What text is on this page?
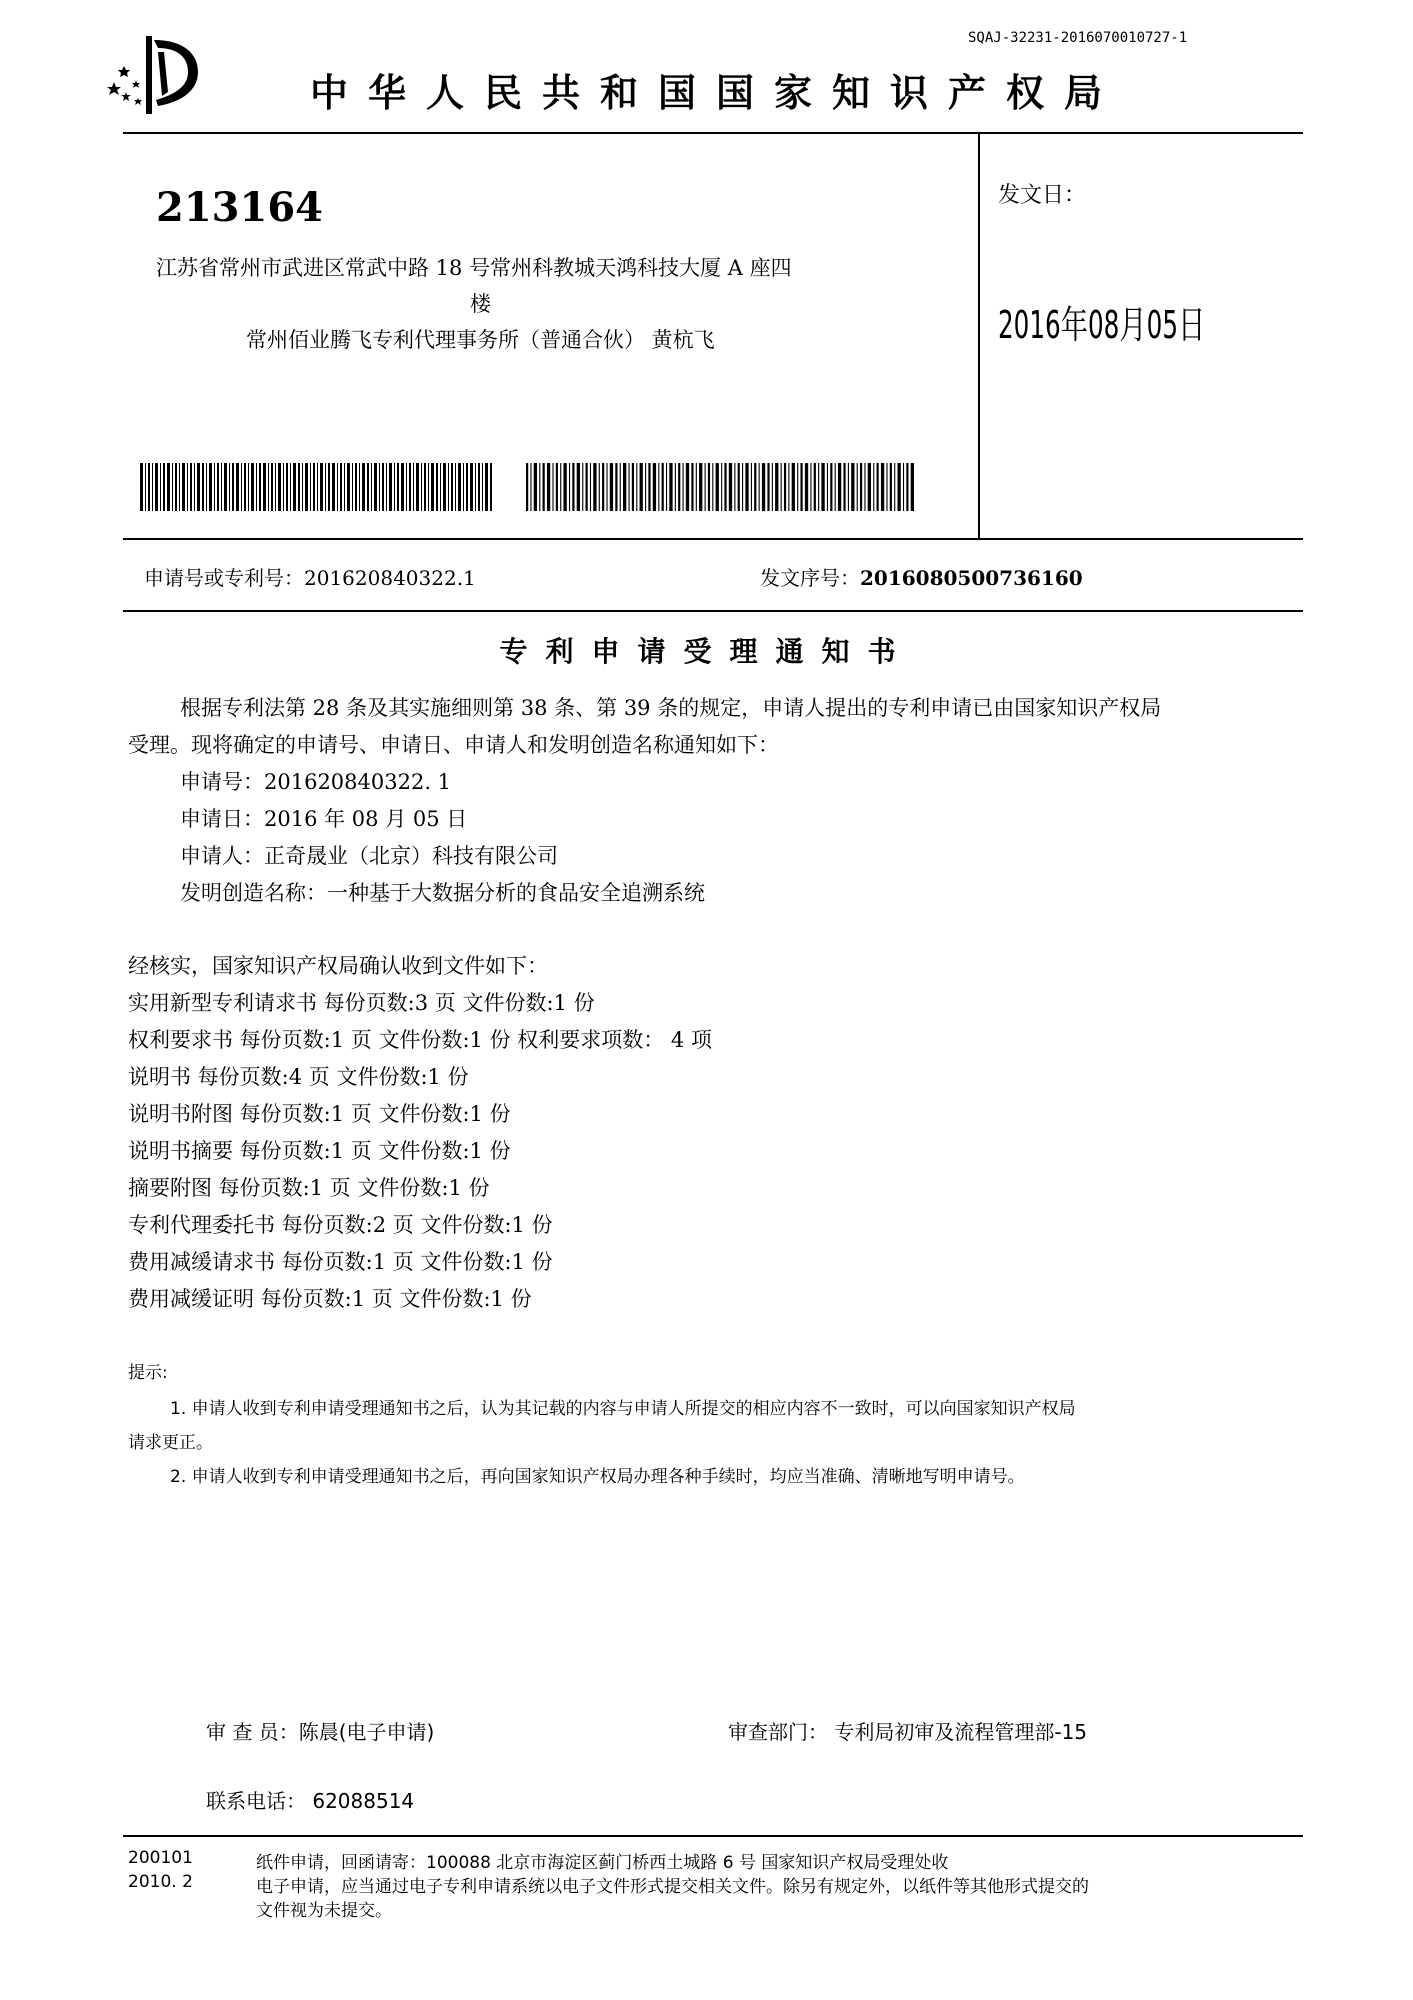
SQAJ-32231-2016070010727-1
中华人民共和国国家知识产权局
213164
江苏省常州市武进区常武中路 18 号常州科教城天鸿科技大厦 A 座四
楼
常州佰业腾飞专利代理事务所（普通合伙） 黄杭飞
发文日：
2016年08月05日
申请号或专利号：201620840322.1	发文序号：2016080500736160
专利申请受理通知书
根据专利法第 28 条及其实施细则第 38 条、第 39 条的规定，申请人提出的专利申请已由国家知识产权局
受理。现将确定的申请号、申请日、申请人和发明创造名称通知如下：
申请号：201620840322. 1
申请日：2016 年 08 月 05 日
申请人：正奇晟业（北京）科技有限公司
发明创造名称：一种基于大数据分析的食品安全追溯系统
经核实，国家知识产权局确认收到文件如下：
实用新型专利请求书 每份页数:3 页 文件份数:1 份
权利要求书 每份页数:1 页 文件份数:1 份 权利要求项数： 4 项
说明书 每份页数:4 页 文件份数:1 份
说明书附图 每份页数:1 页 文件份数:1 份
说明书摘要 每份页数:1 页 文件份数:1 份
摘要附图 每份页数:1 页 文件份数:1 份
专利代理委托书 每份页数:2 页 文件份数:1 份
费用减缓请求书 每份页数:1 页 文件份数:1 份
费用减缓证明 每份页数:1 页 文件份数:1 份
提示:
1. 申请人收到专利申请受理通知书之后，认为其记载的内容与申请人所提交的相应内容不一致时，可以向国家知识产权局
请求更正。
2. 申请人收到专利申请受理通知书之后，再向国家知识产权局办理各种手续时，均应当准确、清晰地写明申请号。
审 查 员：陈晨(电子申请)	审查部门： 专利局初审及流程管理部-15
联系电话： 62088514
200101
2010. 2
纸件申请，回函请寄：100088 北京市海淀区蓟门桥西土城路 6 号 国家知识产权局受理处收
电子申请，应当通过电子专利申请系统以电子文件形式提交相关文件。除另有规定外，以纸件等其他形式提交的
文件视为未提交。
